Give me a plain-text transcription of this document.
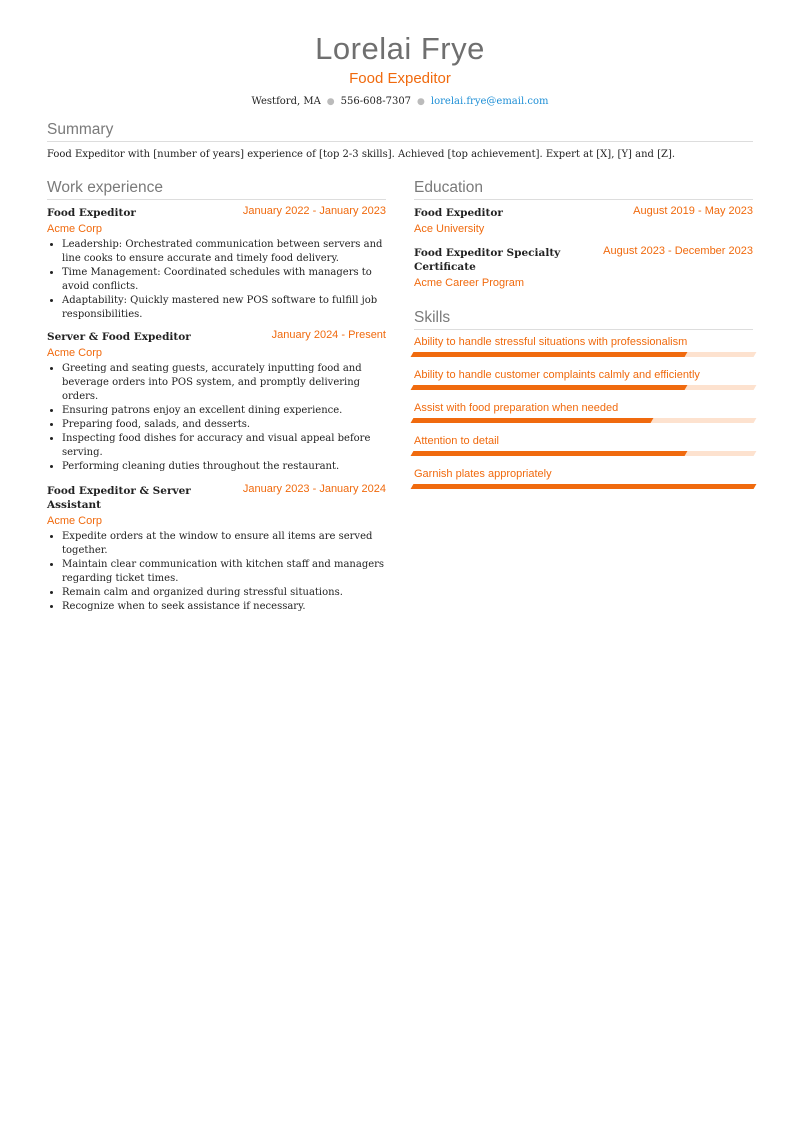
Lorelai Frye
Food Expeditor
Westford, MA ● 556-608-7307 ● lorelai.frye@email.com
Summary

Food Expeditor with [number of years] experience of [top 2-3 skills]. Achieved [top achievement]. Expert at [X], [Y] and [Z].

Work experience
Food Expeditor	January 2022 - January 2023
Acme Corp
• Leadership: Orchestrated communication between servers and line cooks to ensure accurate and timely food delivery.
• Time Management: Coordinated schedules with managers to avoid conflicts.
• Adaptability: Quickly mastered new POS software to fulfill job responsibilities.
Server & Food Expeditor	January 2024 - Present
Acme Corp
• Greeting and seating guests, accurately inputting food and beverage orders into POS system, and promptly delivering orders.
• Ensuring patrons enjoy an excellent dining experience.
• Preparing food, salads, and desserts.
• Inspecting food dishes for accuracy and visual appeal before serving.
• Performing cleaning duties throughout the restaurant.
Food Expeditor & Server Assistant
January 2023 - January 2024
Acme Corp
• Expedite orders at the window to ensure all items are served together.
• Maintain clear communication with kitchen staff and managers regarding ticket times.
• Remain calm and organized during stressful situations.
• Recognize when to seek assistance if necessary.
Education
Food Expeditor	August 2019 - May 2023
Ace University
Food Expeditor Specialty Certificate
August 2023 - December 2023
Acme Career Program
Skills
Ability to handle stressful situations with professionalism
Ability to handle customer complaints calmly and efficiently
Assist with food preparation when needed
Attention to detail
Garnish plates appropriately
